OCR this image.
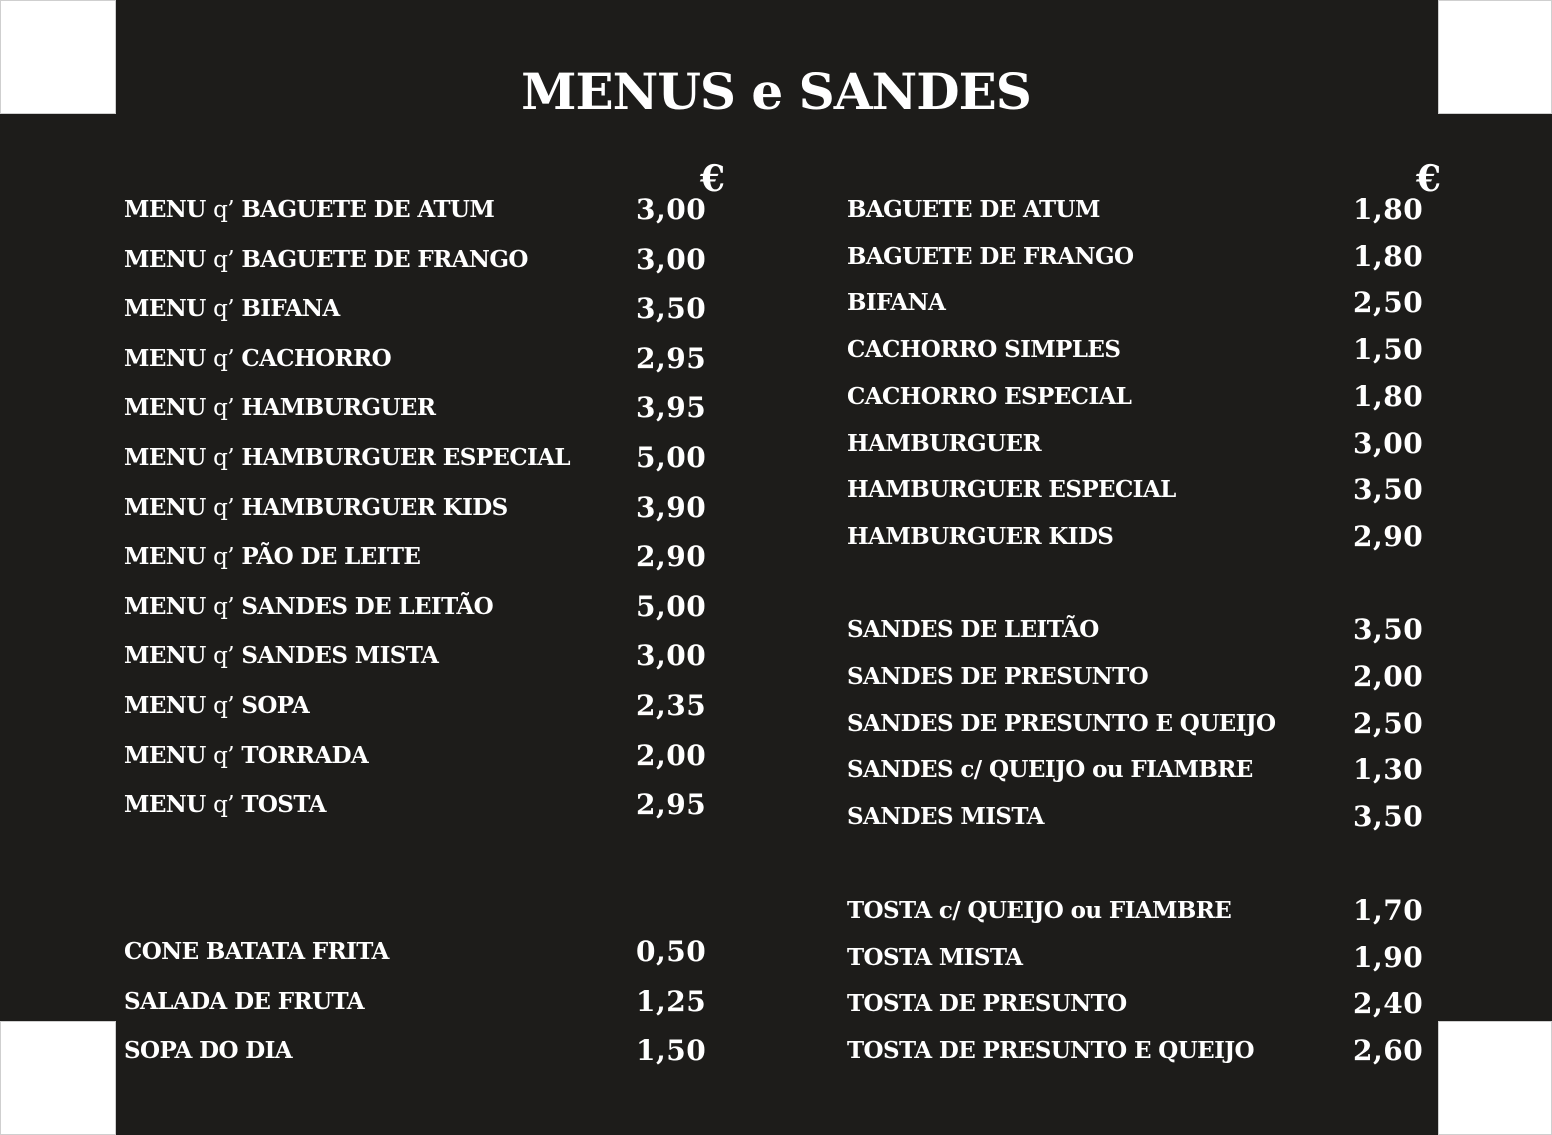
MENUS e SANDES
€	€
MENU q’ BAGUETE DE ATUM	3,00
MENU q’ BAGUETE DE FRANGO	3,00
MENU q’ BIFANA	3,50
MENU q’ CACHORRO	2,95
MENU q’ HAMBURGUER	3,95
MENU q’ HAMBURGUER ESPECIAL 5,00
MENU q’ HAMBURGUER KIDS	3,90
MENU q’ PÃO DE LEITE	2,90
MENU q’ SANDES DE LEITÃO	5,00
MENU q’ SANDES MISTA	3,00
MENU q’ SOPA	2,35
MENU q’ TORRADA	2,00
MENU q’ TOSTA	2,95
CONE BATATA FRITA	0,50
SALADA DE FRUTA	1,25
SOPA DO DIA	1,50
BAGUETE DE ATUM	1,80
BAGUETE DE FRANGO	1,80
BIFANA	2,50
CACHORRO SIMPLES	1,50
CACHORRO ESPECIAL	1,80
HAMBURGUER	3,00
HAMBURGUER ESPECIAL	3,50
HAMBURGUER KIDS	2,90
SANDES DE LEITÃO	3,50
SANDES DE PRESUNTO	2,00
SANDES DE PRESUNTO E QUEIJO	2,50
SANDES c/ QUEIJO ou FIAMBRE	1,30
SANDES MISTA	3,50
TOSTA c/ QUEIJO ou FIAMBRE	1,70
TOSTA MISTA	1,90
TOSTA DE PRESUNTO	2,40
TOSTA DE PRESUNTO E QUEIJO	2,60
